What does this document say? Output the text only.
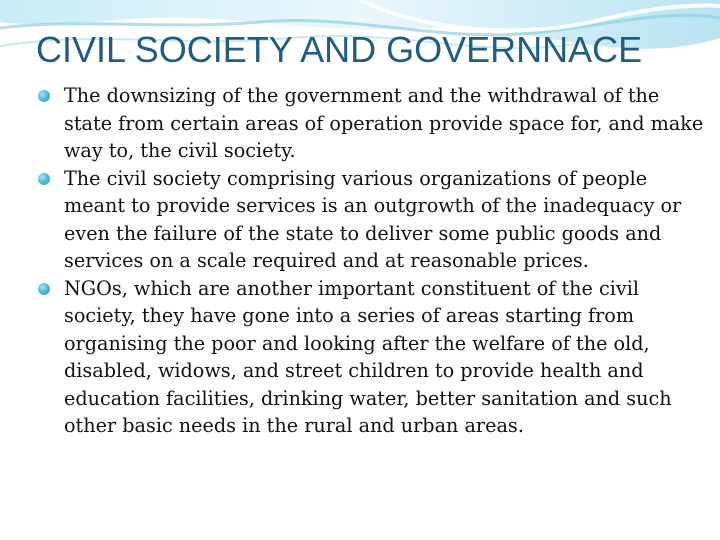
CIVIL SOCIETY AND GOVERNNACE
The downsizing of the government and the withdrawal of the state from certain areas of operation provide space for, and make way to, the civil society.
The civil society comprising various organizations of people meant to provide services is an outgrowth of the inadequacy or even the failure of the state to deliver some public goods and services on a scale required and at reasonable prices.
NGOs, which are another important constituent of the civil society, they have gone into a series of areas starting from organising the poor and looking after the welfare of the old, disabled, widows, and street children to provide health and education facilities, drinking water, better sanitation and such other basic needs in the rural and urban areas.
